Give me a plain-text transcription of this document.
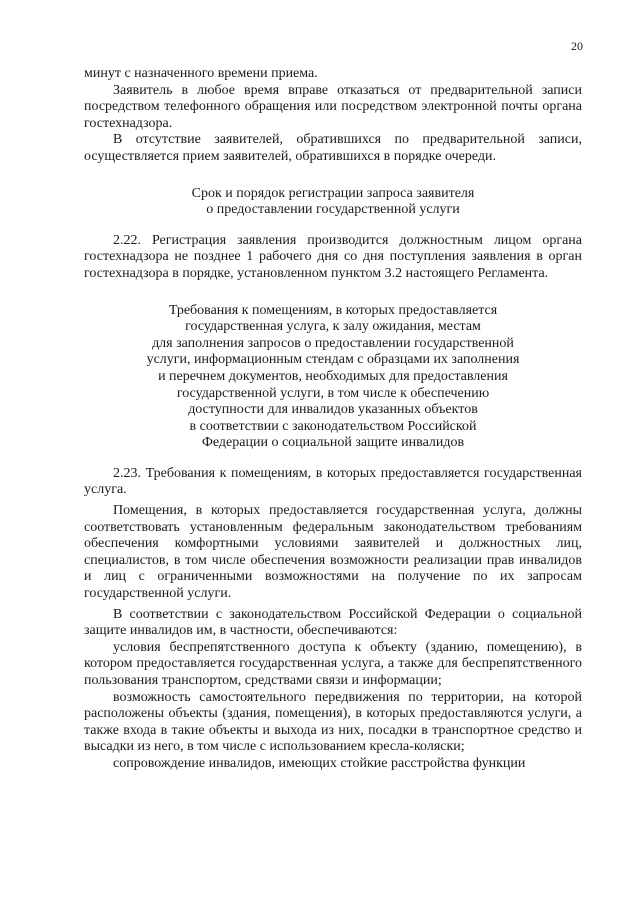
20

минут с назначенного времени приема.

Заявитель в любое время вправе отказаться от предварительной записи посредством телефонного обращения или посредством электронной почты органа гостехнадзора.

В отсутствие заявителей, обратившихся по предварительной записи, осуществляется прием заявителей, обратившихся в порядке очереди.

Срок и порядок регистрации запроса заявителя
о предоставлении государственной услуги

2.22. Регистрация заявления производится должностным лицом органа гостехнадзора не позднее 1 рабочего дня со дня поступления заявления в орган гостехнадзора в порядке, установленном пунктом 3.2 настоящего Регламента.

Требования к помещениям, в которых предоставляется
государственная услуга, к залу ожидания, местам
для заполнения запросов о предоставлении государственной
услуги, информационным стендам с образцами их заполнения
и перечнем документов, необходимых для предоставления
государственной услуги, в том числе к обеспечению
доступности для инвалидов указанных объектов
в соответствии с законодательством Российской
Федерации о социальной защите инвалидов

2.23. Требования к помещениям, в которых предоставляется государственная услуга.

Помещения, в которых предоставляется государственная услуга, должны соответствовать установленным федеральным законодательством требованиям обеспечения комфортными условиями заявителей и должностных лиц, специалистов, в том числе обеспечения возможности реализации прав инвалидов и лиц с ограниченными возможностями на получение по их запросам государственной услуги.

В соответствии с законодательством Российской Федерации о социальной защите инвалидов им, в частности, обеспечиваются:

условия беспрепятственного доступа к объекту (зданию, помещению), в котором предоставляется государственная услуга, а также для беспрепятственного пользования транспортом, средствами связи и информации;

возможность самостоятельного передвижения по территории, на которой расположены объекты (здания, помещения), в которых предоставляются услуги, а также входа в такие объекты и выхода из них, посадки в транспортное средство и высадки из него, в том числе с использованием кресла-коляски;

сопровождение инвалидов, имеющих стойкие расстройства функции
